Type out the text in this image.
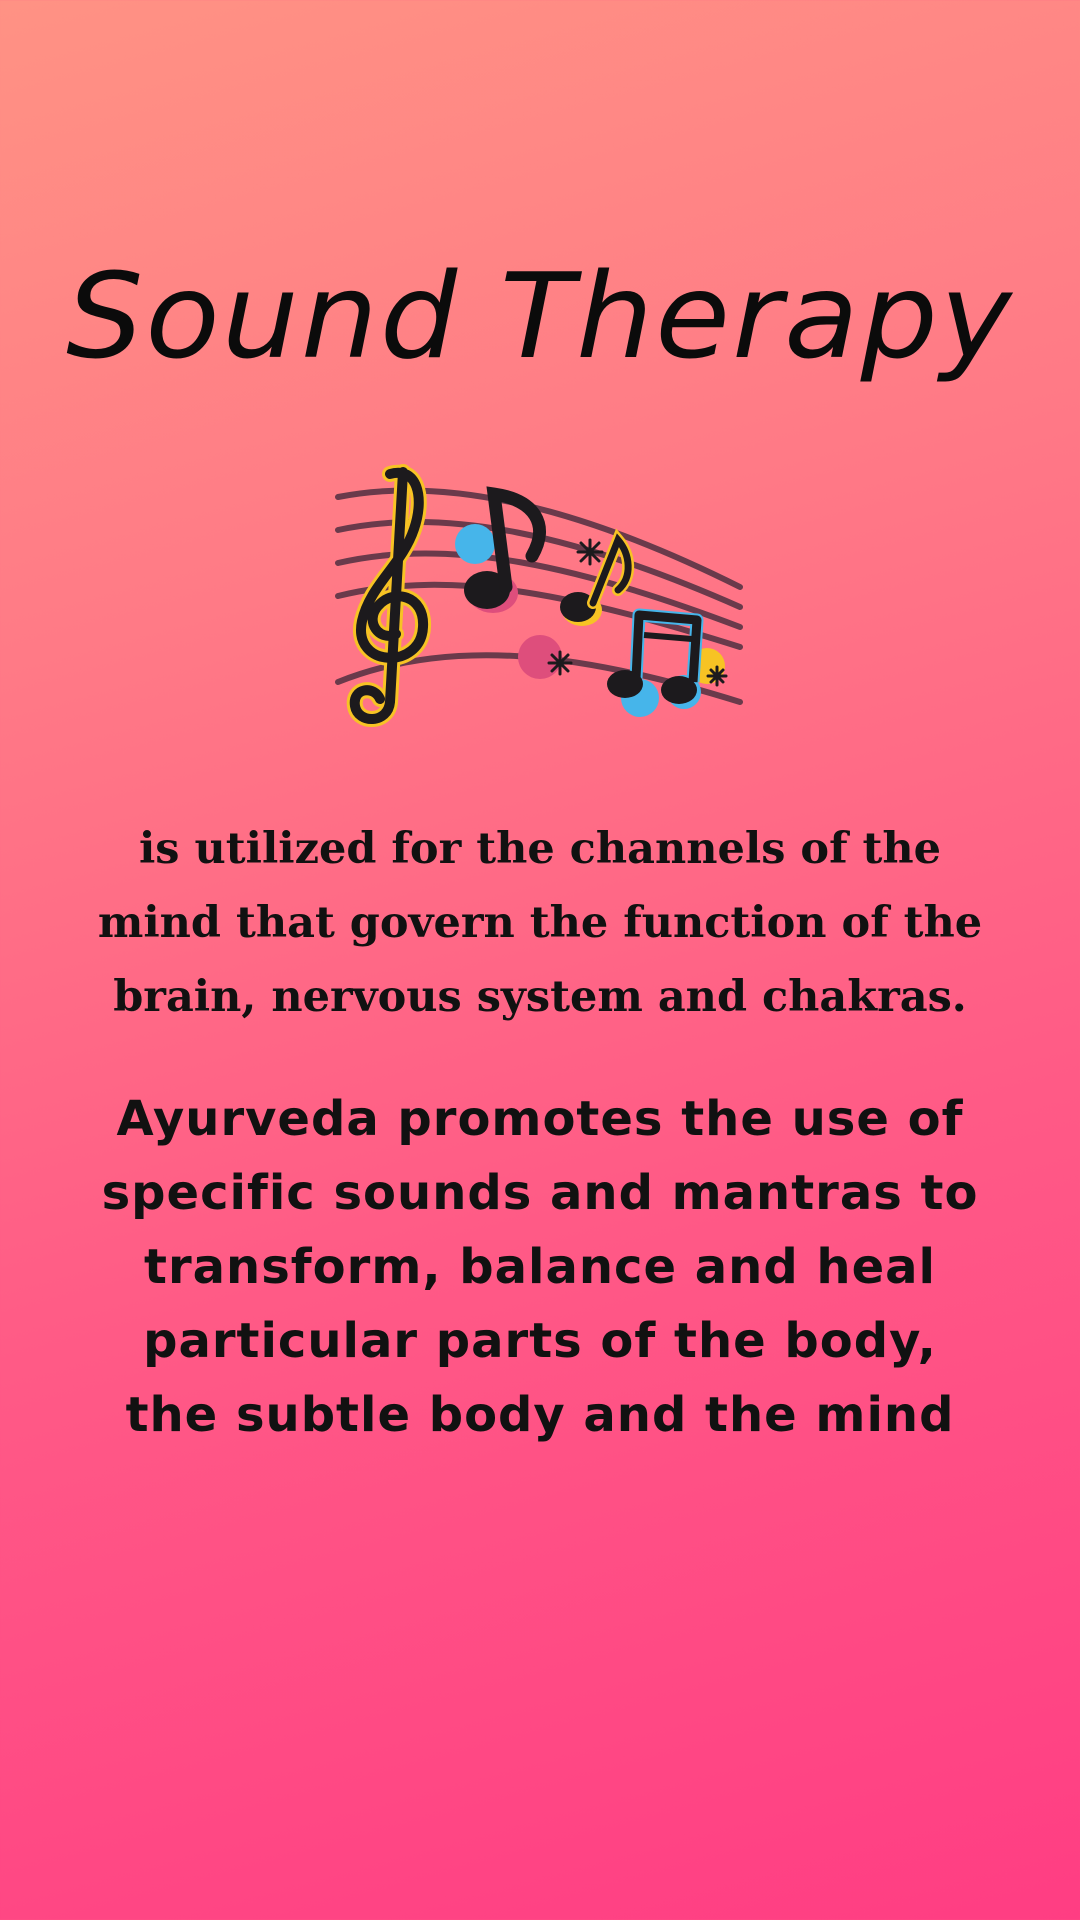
Sound Therapy
is utilized for the channels of the mind that govern the function of the brain, nervous system and chakras.
Ayurveda promotes the use of specific sounds and mantras to transform, balance and heal particular parts of the body, the subtle body and the mind
